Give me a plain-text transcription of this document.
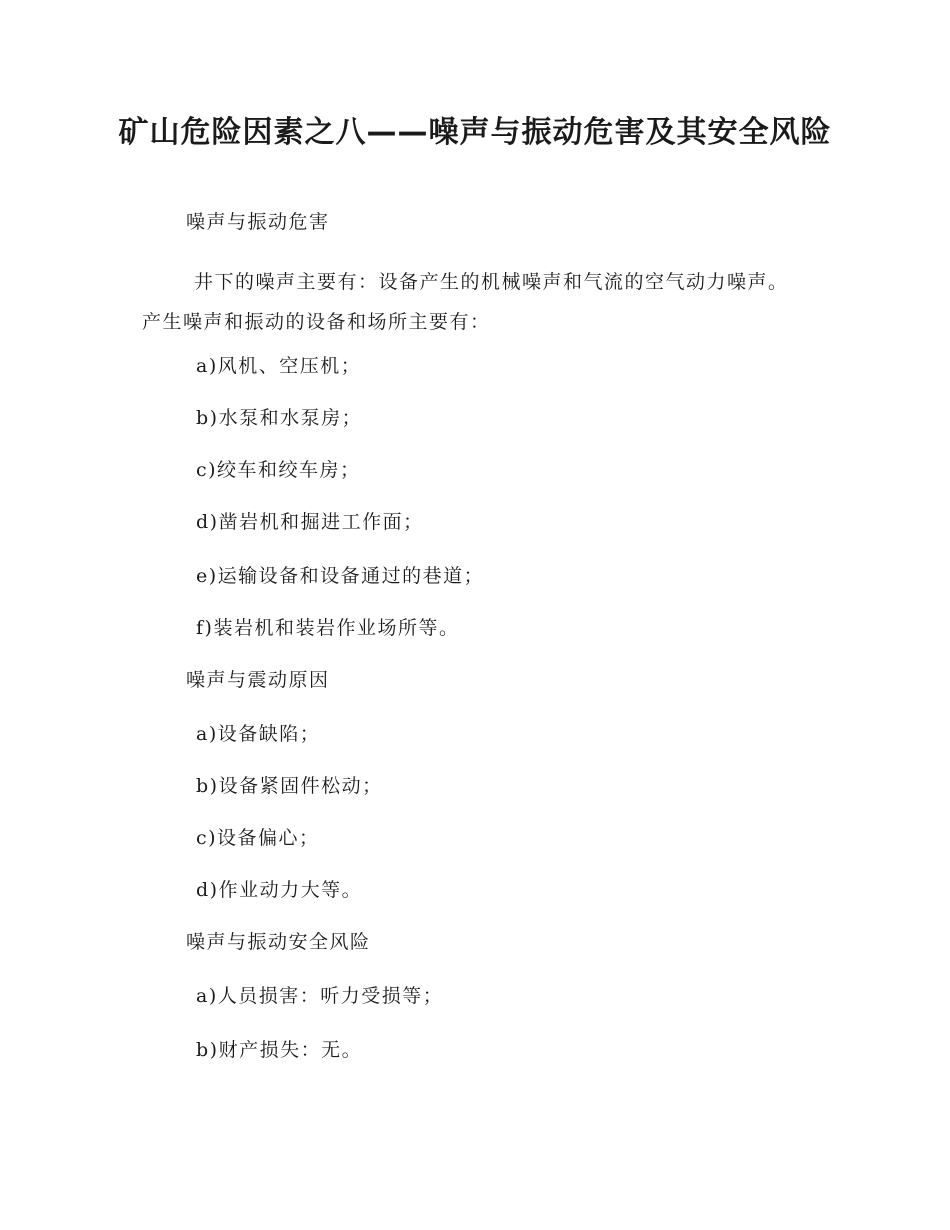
矿山危险因素之八——噪声与振动危害及其安全风险

噪声与振动危害

井下的噪声主要有：设备产生的机械噪声和气流的空气动力噪声。产生噪声和振动的设备和场所主要有：

a)风机、空压机；

b)水泵和水泵房；

c)绞车和绞车房；

d)凿岩机和掘进工作面；

e)运输设备和设备通过的巷道；

f)装岩机和装岩作业场所等。

噪声与震动原因

a)设备缺陷；

b)设备紧固件松动；

c)设备偏心；

d)作业动力大等。

噪声与振动安全风险

a)人员损害：听力受损等；

b)财产损失：无。
